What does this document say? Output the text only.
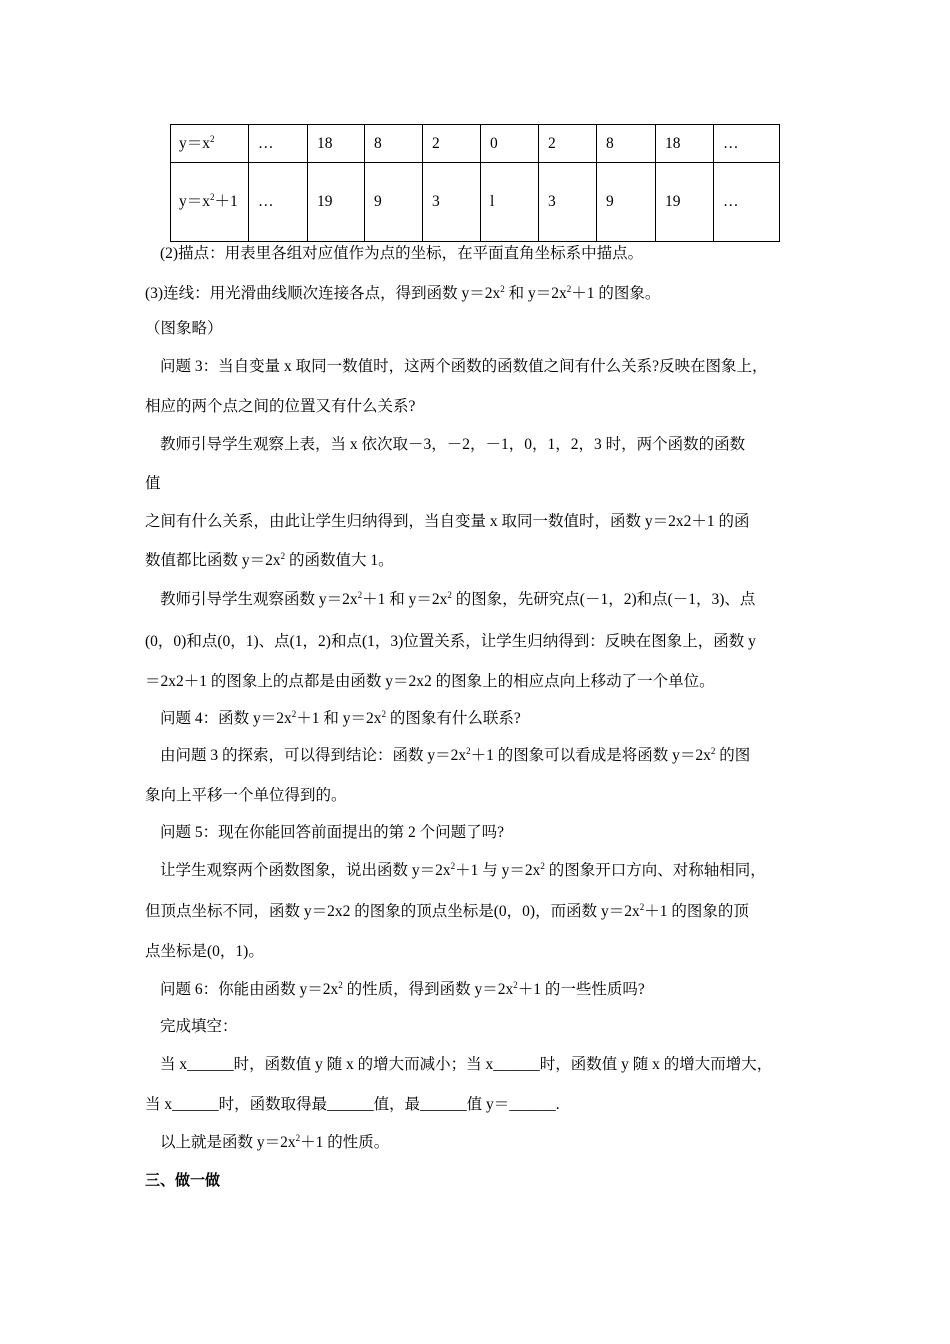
$y=x^2$	…	18	8	2	0	2	8	18	…
$y=x^2+1$	…	19	9	3	l	3	9	19	…
(2)描点：用表里各组对应值作为点的坐标，在平面直角坐标系中描点。
(3)连线：用光滑曲线顺次连接各点，得到函数 $y=2x^2$ 和 $y=2x^2+1$ 的图象。
（图象略）
问题 3：当自变量 x 取同一数值时，这两个函数的函数值之间有什么关系?反映在图象上，
相应的两个点之间的位置又有什么关系?
教师引导学生观察上表，当 x 依次取－3，－2，－1，0，1，2，3 时，两个函数的函数
值
之间有什么关系，由此让学生归纳得到，当自变量 x 取同一数值时，函数 y＝2x2＋1 的函
数值都比函数 $y=2x^2$ 的函数值大 1。
教师引导学生观察函数 $y=2x^2+1$ 和 $y=2x^2$ 的图象，先研究点(－1，2)和点(－1，3)、点
(0，0)和点(0，1)、点(1，2)和点(1，3)位置关系，让学生归纳得到：反映在图象上，函数 y
＝2x2＋1 的图象上的点都是由函数 y＝2x2 的图象上的相应点向上移动了一个单位。
问题 4：函数 $y=2x^2+1$ 和 $y=2x^2$ 的图象有什么联系?
由问题 3 的探索，可以得到结论：函数 $y=2x^2+1$ 的图象可以看成是将函数 $y=2x^2$ 的图
象向上平移一个单位得到的。
问题 5：现在你能回答前面提出的第 2 个问题了吗?
让学生观察两个函数图象，说出函数 $y=2x^2+1$ 与 $y=2x^2$ 的图象开口方向、对称轴相同，
但顶点坐标不同，函数 y＝2x2 的图象的顶点坐标是(0，0)，而函数 $y=2x^2+1$ 的图象的顶
点坐标是(0，1)。
问题 6：你能由函数 $y=2x^2$ 的性质，得到函数 $y=2x^2+1$ 的一些性质吗?
完成填空：
当 x______时，函数值 y 随 x 的增大而减小；当 x______时，函数值 y 随 x 的增大而增大，
当 x______时，函数取得最______值，最______值 y＝______.
以上就是函数 $y=2x^2+1$ 的性质。
三、做一做
